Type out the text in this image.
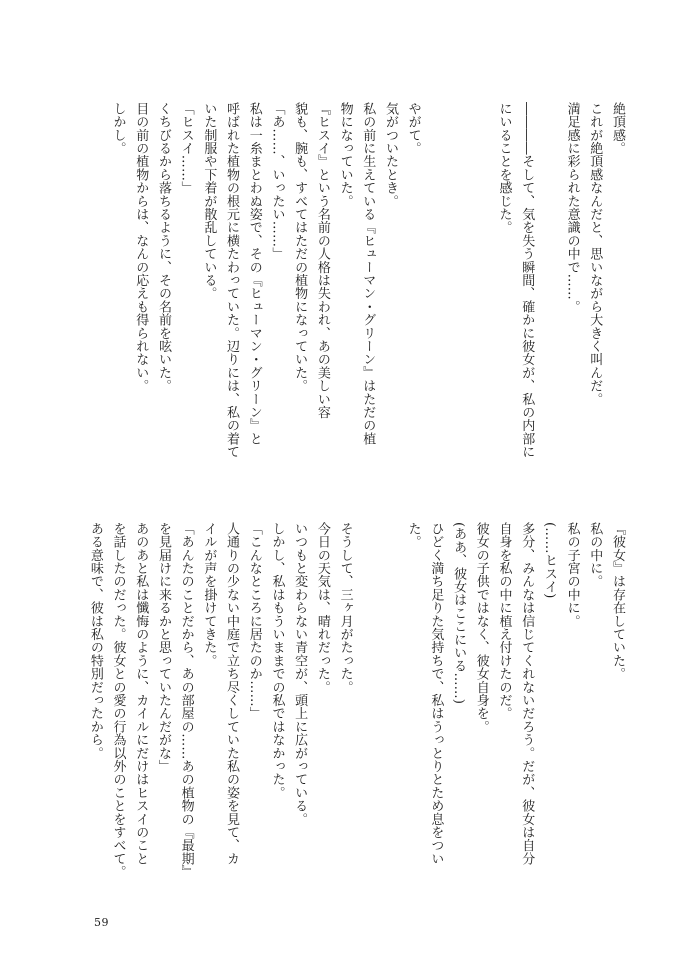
絶頂感。
これが絶頂感なんだと、思いながら大きく叫んだ。
満足感に彩られた意識の中で……。
――――そして、気を失う瞬間、確かに彼女が、私の内部に
にいることを感じた。
やがて。
気がついたとき。
私の前に生えている『ヒューマン・グリーン』はただの植
物になっていた。
『ヒスイ』という名前の人格は失われ、あの美しい容
貌も、腕も、すべてはただの植物になっていた。
「あ……、いったい……」
私は一糸まとわぬ姿で、その『ヒューマン・グリーン』と
呼ばれた植物の根元に横たわっていた。辺りには、私の着て
いた制服や下着が散乱している。
「ヒスイ……」
くちびるから落ちるように、その名前を呟いた。
目の前の植物からは、なんの応えも得られない。
しかし。
『彼女』は存在していた。
私の中に。
私の子宮の中に。
(……ヒスイ)
多分、みんなは信じてくれないだろう。だが、彼女は自分
自身を私の中に植え付けたのだ。
彼女の子供ではなく、彼女自身を。
(ああ、彼女はここにいる……)
ひどく満ち足りた気持ちで、私はうっとりとため息をつい
た。
そうして、三ヶ月がたった。
今日の天気は、晴れだった。
いつもと変わらない青空が、頭上に広がっている。
しかし、私はもういままでの私ではなかった。
「こんなところに居たのか……」
人通りの少ない中庭で立ち尽くしていた私の姿を見て、カ
イルが声を掛けてきた。
「あんたのことだから、あの部屋の……あの植物の『最期』
を見届けに来るかと思っていたんだがな」
あのあと私は懺悔のように、カイルにだけはヒスイのこと
を話したのだった。彼女との愛の行為以外のことをすべて。
ある意味で、彼は私の特別だったから。
59
